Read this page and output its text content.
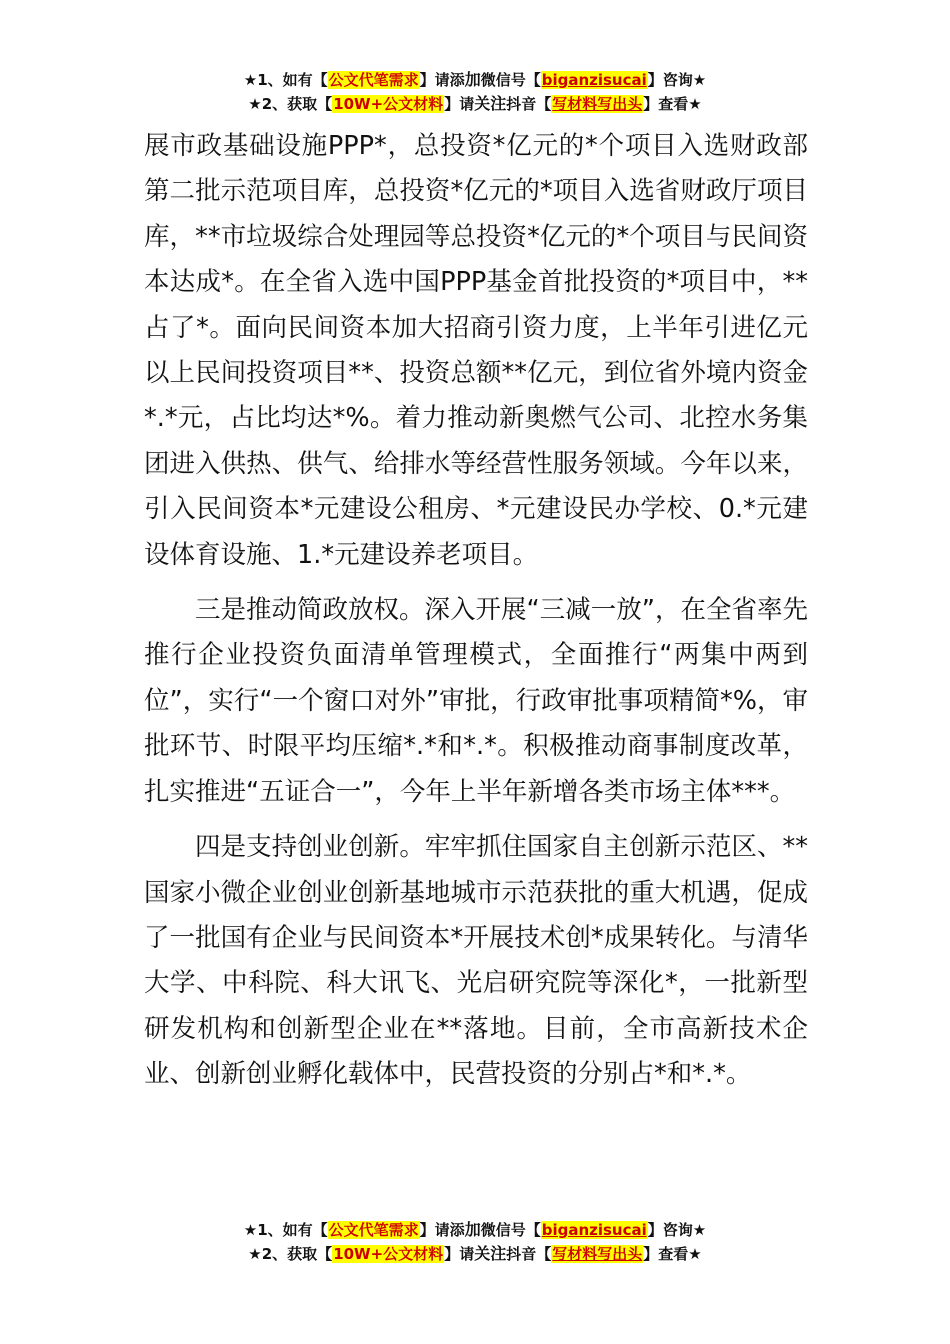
★1、如有【公文代笔需求】请添加微信号【biganzisucai】咨询★
★2、获取【10W+公文材料】请关注抖音【写材料写出头】查看★

展市政基础设施PPP*，总投资*亿元的*个项目入选财政部第二批示范项目库，总投资*亿元的*项目入选省财政厅项目库，**市垃圾综合处理园等总投资*亿元的*个项目与民间资本达成*。在全省入选中国PPP基金首批投资的*项目中，**占了*。面向民间资本加大招商引资力度，上半年引进亿元以上民间投资项目**、投资总额**亿元，到位省外境内资金*.*元，占比均达*%。着力推动新奥燃气公司、北控水务集团进入供热、供气、给排水等经营性服务领域。今年以来，引入民间资本*元建设公租房、*元建设民办学校、0.*元建设体育设施、1.*元建设养老项目。

三是推动简政放权。深入开展“三减一放”，在全省率先推行企业投资负面清单管理模式，全面推行“两集中两到位”，实行“一个窗口对外”审批，行政审批事项精简*%，审批环节、时限平均压缩*.*和*.*。积极推动商事制度改革，扎实推进“五证合一”，今年上半年新增各类市场主体***。

四是支持创业创新。牢牢抓住国家自主创新示范区、**国家小微企业创业创新基地城市示范获批的重大机遇，促成了一批国有企业与民间资本*开展技术创*成果转化。与清华大学、中科院、科大讯飞、光启研究院等深化*，一批新型研发机构和创新型企业在**落地。目前，全市高新技术企业、创新创业孵化载体中，民营投资的分别占*和*.*。

★1、如有【公文代笔需求】请添加微信号【biganzisucai】咨询★
★2、获取【10W+公文材料】请关注抖音【写材料写出头】查看★
